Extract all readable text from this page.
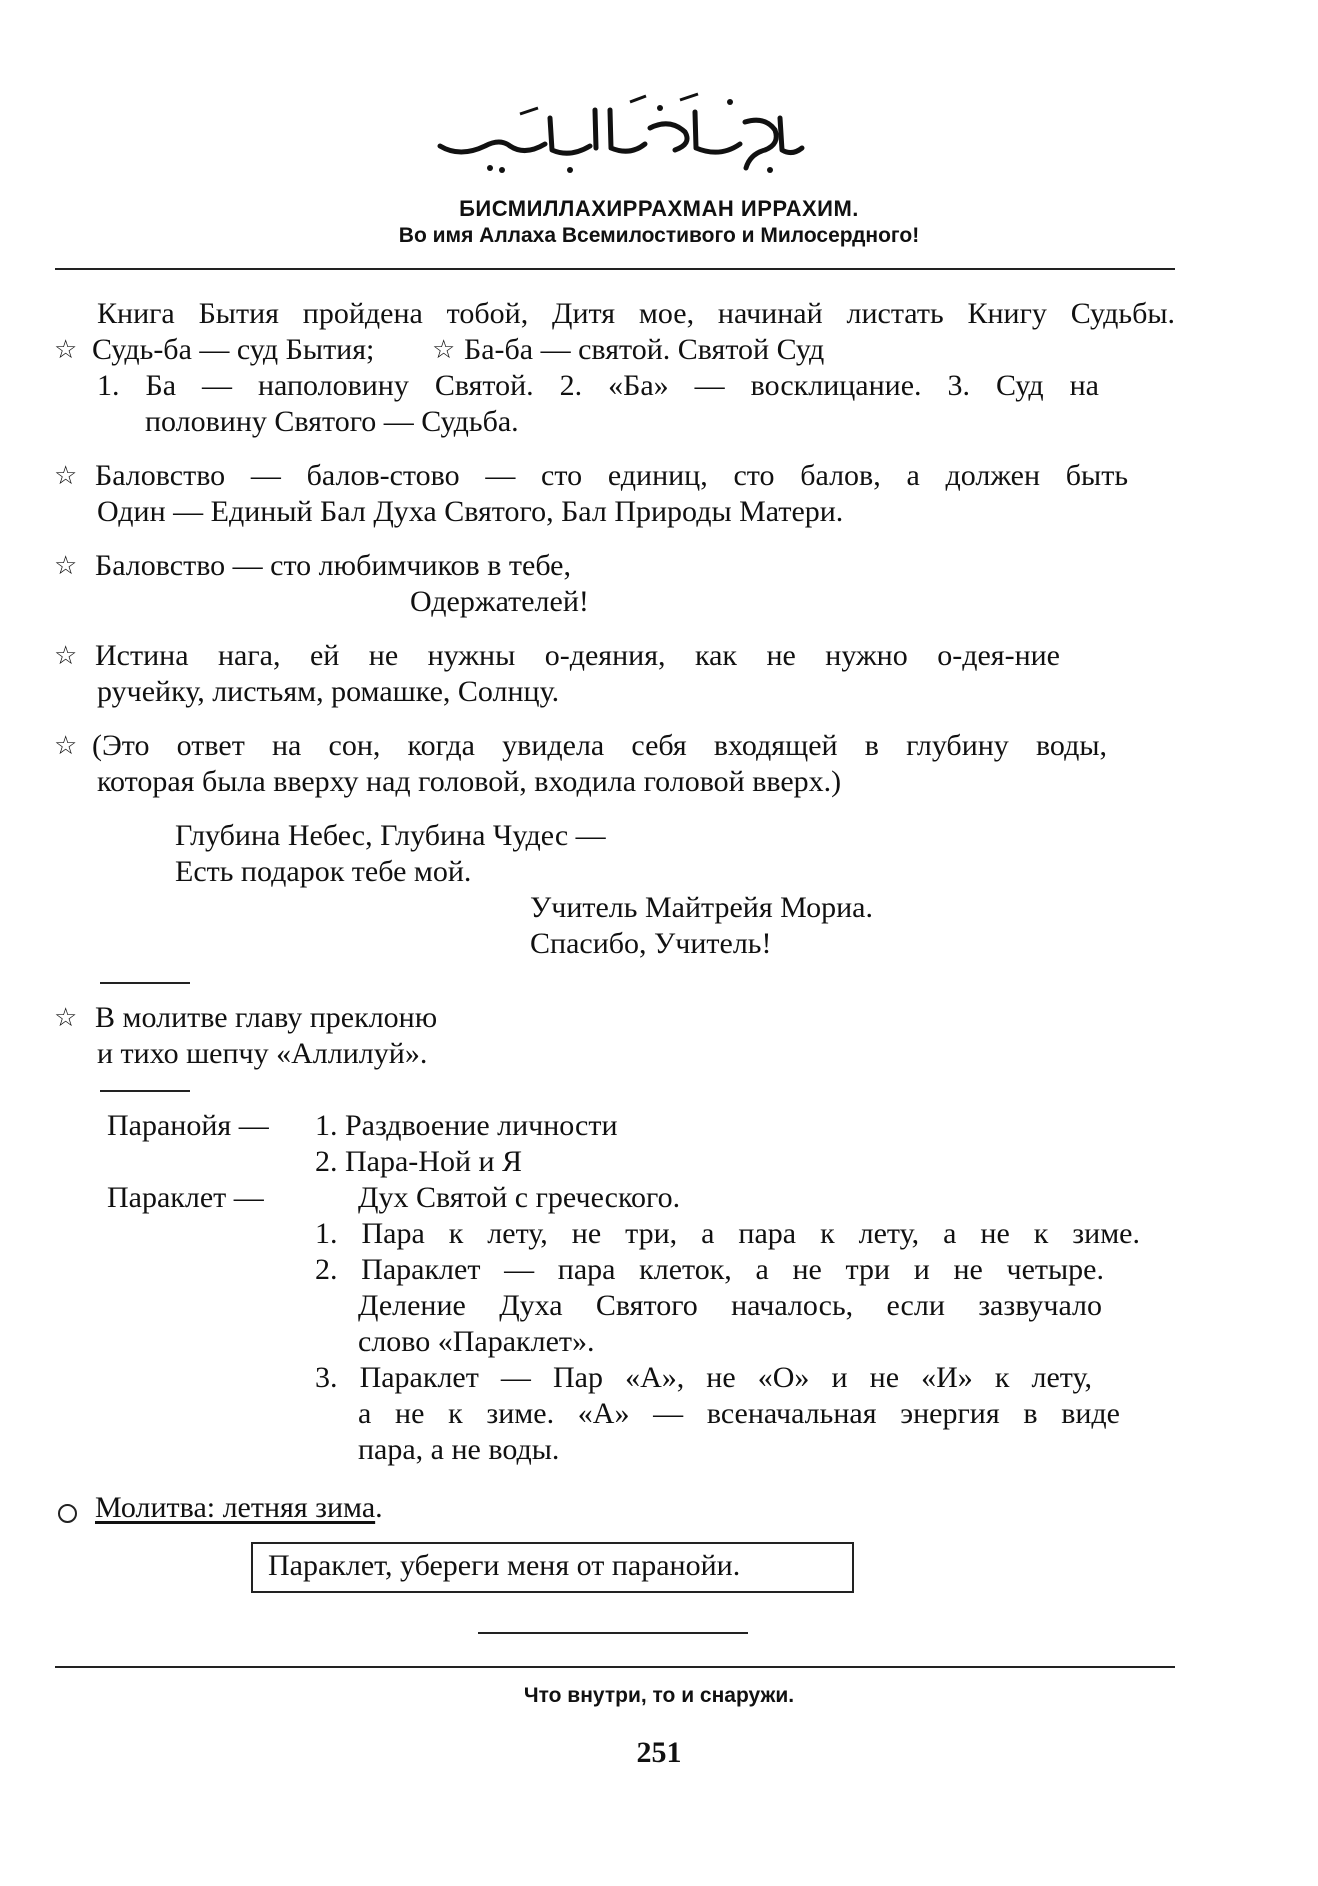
БИСМИЛЛАХИРРАХМАН ИРРАХИМ.
Во имя Аллаха Всемилостивого и Милосердного!
Книга Бытия пройдена тобой, Дитя мое, начинай листать Книгу Судьбы.
☆ Судь-ба — суд Бытия; ☆ Ба-ба — святой. Святой Суд
1. Ба — наполовину Святой. 2. «Ба» — восклицание. 3. Суд на
половину Святого — Судьба.
☆ Баловство — балов-стово — сто единиц, сто балов, а должен быть
Один — Единый Бал Духа Святого, Бал Природы Матери.
☆ Баловство — сто любимчиков в тебе,
Одержателей!
☆ Истина нага, ей не нужны о-деяния, как не нужно о-дея-ние
ручейку, листьям, ромашке, Солнцу.
☆ (Это ответ на сон, когда увидела себя входящей в глубину воды,
которая была вверху над головой, входила головой вверх.)
Глубина Небес, Глубина Чудес —
Есть подарок тебе мой.
Учитель Майтрейя Мориа.
Спасибо, Учитель!
☆ В молитве главу преклоню
и тихо шепчу «Аллилуй».
Паранойя — 1. Раздвоение личности
2. Пара-Ной и Я
Параклет —	Дух Святой с греческого.
1. Пара к лету, не три, а пара к лету, а не к зиме.
2. Параклет — пара клеток, а не три и не четыре.
Деление Духа Святого началось, если зазвучало
слово «Параклет».
3. Параклет — Пар «А», не «О» и не «И» к лету,
а не к зиме. «А» — всеначальная энергия в виде
пара, а не воды.
Молитва: летняя зима.
Параклет, убереги меня от паранойи.
Что внутри, то и снаружи.
251
